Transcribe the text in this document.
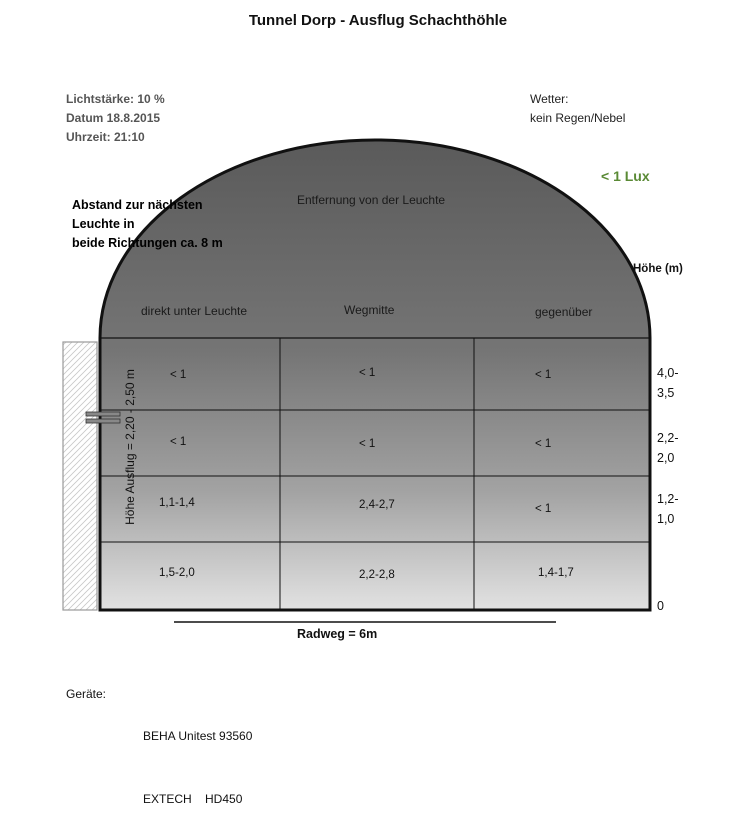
Tunnel Dorp - Ausflug Schachthöhle
Lichtstärke: 10 %
Datum 18.8.2015
Uhrzeit: 21:10
Wetter:
kein Regen/Nebel
< 1 Lux
Abstand zur nächsten
Leuchte in
beide Richtungen ca. 8 m
Entfernung von der Leuchte
Höhe (m)
direkt unter Leuchte	Wegmitte	gegenüber
< 1	< 1	< 1
< 1	< 1	< 1
1,1-1,4	2,4-2,7	< 1
1,5-2,0	2,2-2,8	1,4-1,7
4,0-
3,5
2,2-
2,0
1,2-
1,0
0
Höhe Ausflug = 2,20 - 2,50 m
Radweg = 6m
Geräte:

BEHA Unitest 93560

EXTECH    HD450
